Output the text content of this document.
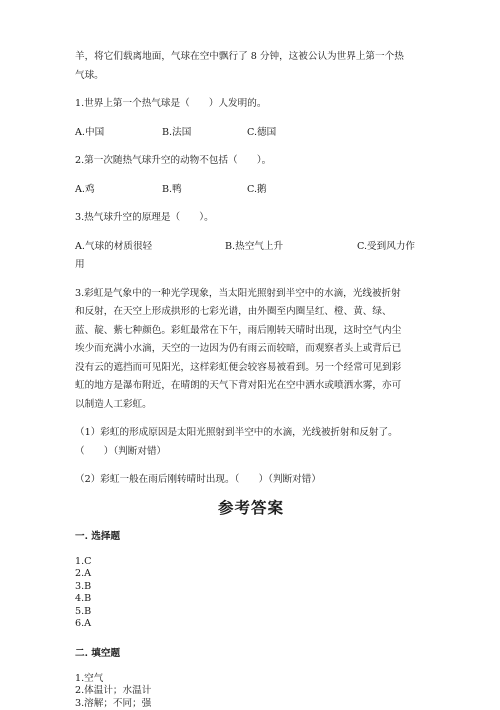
羊，将它们载离地面，气球在空中飘行了 8 分钟，这被公认为世界上第一个热

气球。

1.世界上第一个热气球是（　　）人发明的。

A.中国	B.法国	C.德国

2.第一次随热气球升空的动物不包括（　　）。

A.鸡	B.鸭	C.鹅

3.热气球升空的原理是（　　）。

A.气球的材质很轻	B.热空气上升	C.受到风力作

用

3.彩虹是气象中的一种光学现象，当太阳光照射到半空中的水滴，光线被折射

和反射，在天空上形成拱形的七彩光谱，由外圈至内圈呈红、橙、黄、绿、

蓝、靛、紫七种颜色。彩虹最常在下午，雨后刚转天晴时出现，这时空气内尘

埃少而充满小水滴，天空的一边因为仍有雨云而较暗，而观察者头上或背后已

没有云的遮挡而可见阳光，这样彩虹便会较容易被看到。另一个经常可见到彩

虹的地方是瀑布附近，在晴朗的天气下背对阳光在空中洒水或喷洒水雾，亦可

以制造人工彩虹。

（1）彩虹的形成原因是太阳光照射到半空中的水滴，光线被折射和反射了。

（　　）（判断对错）

（2）彩虹一般在雨后刚转晴时出现。（　　）（判断对错）

参考答案
一. 选择题

1.C

2.A

3.B

4.B

5.B

6.A

二. 填空题

1.空气

2.体温计；水温计

3.溶解；不同；强
